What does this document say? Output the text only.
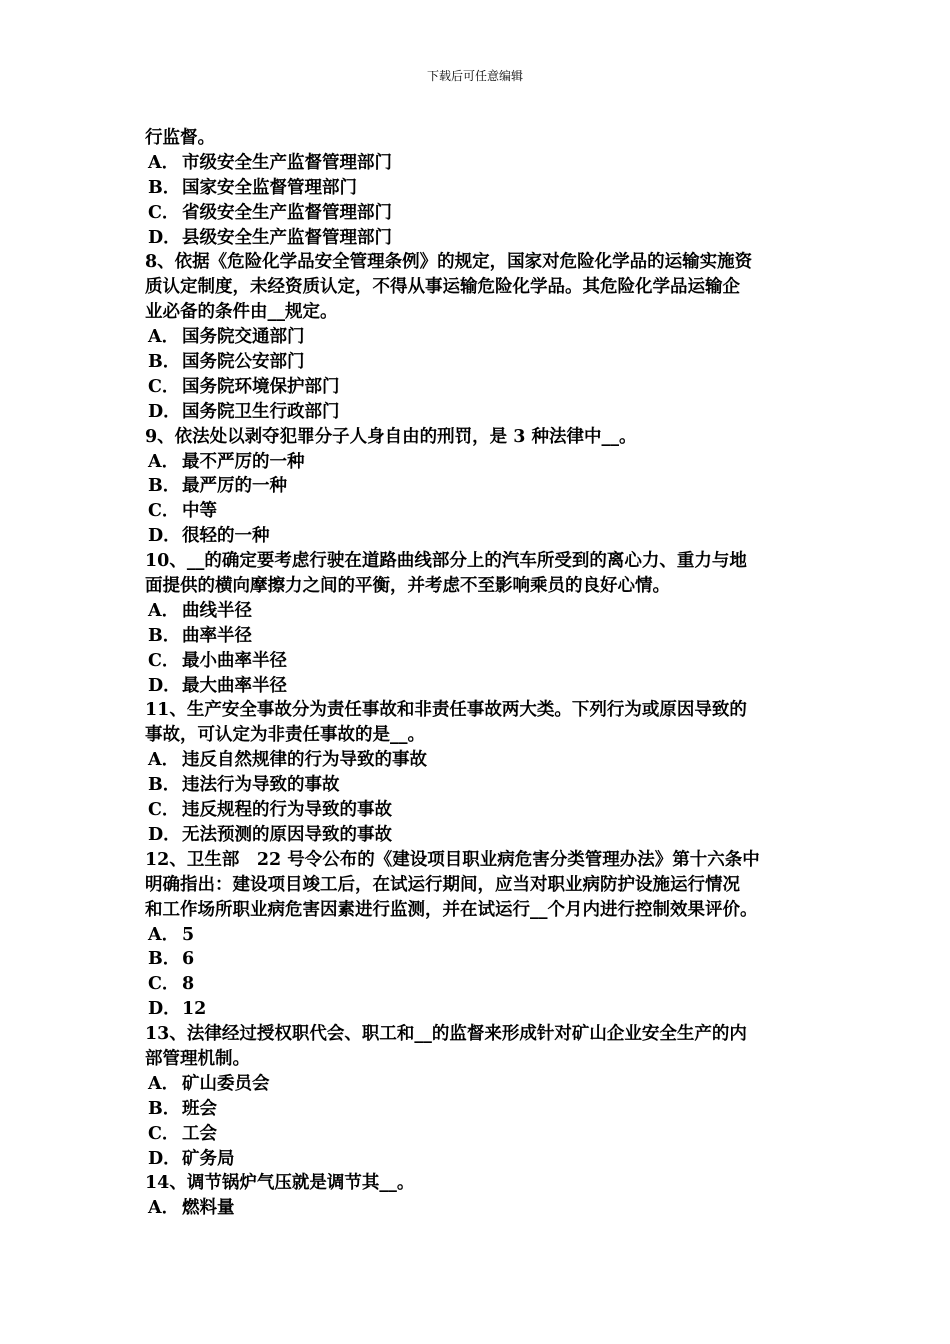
下载后可任意编辑
行监督。
A． 市级安全生产监督管理部门
B．国家安全监督管理部门
C． 省级安全生产监督管理部门
D．县级安全生产监督管理部门
8、依据《危险化学品安全管理条例》的规定，国家对危险化学品的运输实施资
质认定制度，未经资质认定，不得从事运输危险化学品。其危险化学品运输企
业必备的条件由__规定。
A． 国务院交通部门
B．国务院公安部门
C． 国务院环境保护部门
D．国务院卫生行政部门
9、依法处以剥夺犯罪分子人身自由的刑罚，是 3 种法律中__。
A． 最不严厉的一种
B．最严厉的一种
C． 中等
D．很轻的一种
10、__的确定要考虑行驶在道路曲线部分上的汽车所受到的离心力、重力与地
面提供的横向摩擦力之间的平衡，并考虑不至影响乘员的良好心情。
A． 曲线半径
B．曲率半径
C． 最小曲率半径
D．最大曲率半径
11、生产安全事故分为责任事故和非责任事故两大类。下列行为或原因导致的
事故，可认定为非责任事故的是__。
A． 违反自然规律的行为导致的事故
B．违法行为导致的事故
C． 违反规程的行为导致的事故
D．无法预测的原因导致的事故
12、卫生部　22 号令公布的《建设项目职业病危害分类管理办法》第十六条中
明确指出：建设项目竣工后，在试运行期间，应当对职业病防护设施运行情况
和工作场所职业病危害因素进行监测，并在试运行__个月内进行控制效果评价。
A． 5
B．6
C． 8
D．12
13、法律经过授权职代会、职工和__的监督来形成针对矿山企业安全生产的内
部管理机制。
A． 矿山委员会
B．班会
C． 工会
D．矿务局
14、调节锅炉气压就是调节其__。
A． 燃料量
